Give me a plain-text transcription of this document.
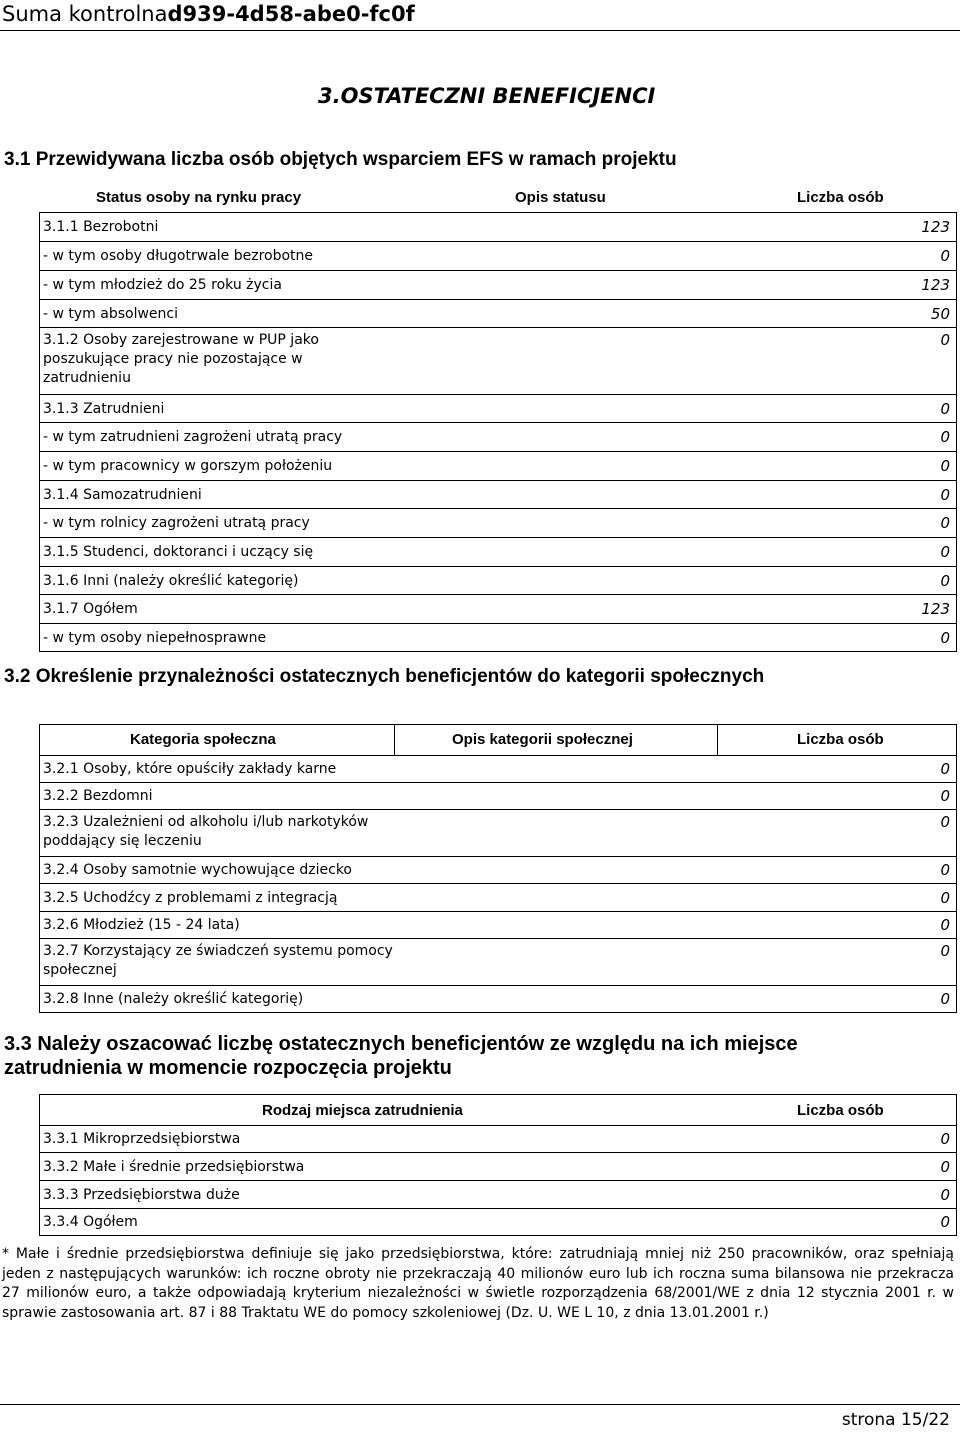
Suma kontrolnad939-4d58-abe0-fc0f
3.OSTATECZNI BENEFICJENCI
3.1 Przewidywana liczba osób objętych wsparciem EFS w ramach projektu
Status osoby na rynku pracy	Opis statusu	Liczba osób
3.1.1 Bezrobotni	123
- w tym osoby długotrwale bezrobotne	0
- w tym młodzież do 25 roku życia	123
- w tym absolwenci	50
3.1.2 Osoby zarejestrowane w PUP jako poszukujące pracy nie pozostające w zatrudnieniu
0
3.1.3 Zatrudnieni	0
- w tym zatrudnieni zagrożeni utratą pracy	0
- w tym pracownicy w gorszym położeniu	0
3.1.4 Samozatrudnieni	0
- w tym rolnicy zagrożeni utratą pracy	0
3.1.5 Studenci, doktoranci i uczący się	0
3.1.6 Inni (należy określić kategorię)	0
3.1.7 Ogółem	123
- w tym osoby niepełnosprawne	0
3.2 Określenie przynależności ostatecznych beneficjentów do kategorii społecznych
Kategoria społeczna	Opis kategorii społecznej	Liczba osób
3.2.1 Osoby, które opuściły zakłady karne	0
3.2.2 Bezdomni	0
3.2.3 Uzależnieni od alkoholu i/lub narkotyków poddający się leczeniu
0
3.2.4 Osoby samotnie wychowujące dziecko	0
3.2.5 Uchodźcy z problemami z integracją	0
3.2.6 Młodzież (15 - 24 lata)	0
3.2.7 Korzystający ze świadczeń systemu pomocy społecznej
0
3.2.8 Inne (należy określić kategorię)	0
3.3 Należy oszacować liczbę ostatecznych beneficjentów ze względu na ich miejsce zatrudnienia w momencie rozpoczęcia projektu
Rodzaj miejsca zatrudnienia	Liczba osób
3.3.1 Mikroprzedsiębiorstwa	0
3.3.2 Małe i średnie przedsiębiorstwa	0
3.3.3 Przedsiębiorstwa duże	0
3.3.4 Ogółem	0
* Małe i średnie przedsiębiorstwa definiuje się jako przedsiębiorstwa, które: zatrudniają mniej niż 250 pracowników, oraz spełniają jeden z następujących warunków: ich roczne obroty nie przekraczają 40 milionów euro lub ich roczna suma bilansowa nie przekracza 27 milionów euro, a także odpowiadają kryterium niezależności w świetle rozporządzenia 68/2001/WE z dnia 12 stycznia 2001 r. w sprawie zastosowania art. 87 i 88 Traktatu WE do pomocy szkoleniowej (Dz. U. WE L 10, z dnia 13.01.2001 r.)
strona 15/22
